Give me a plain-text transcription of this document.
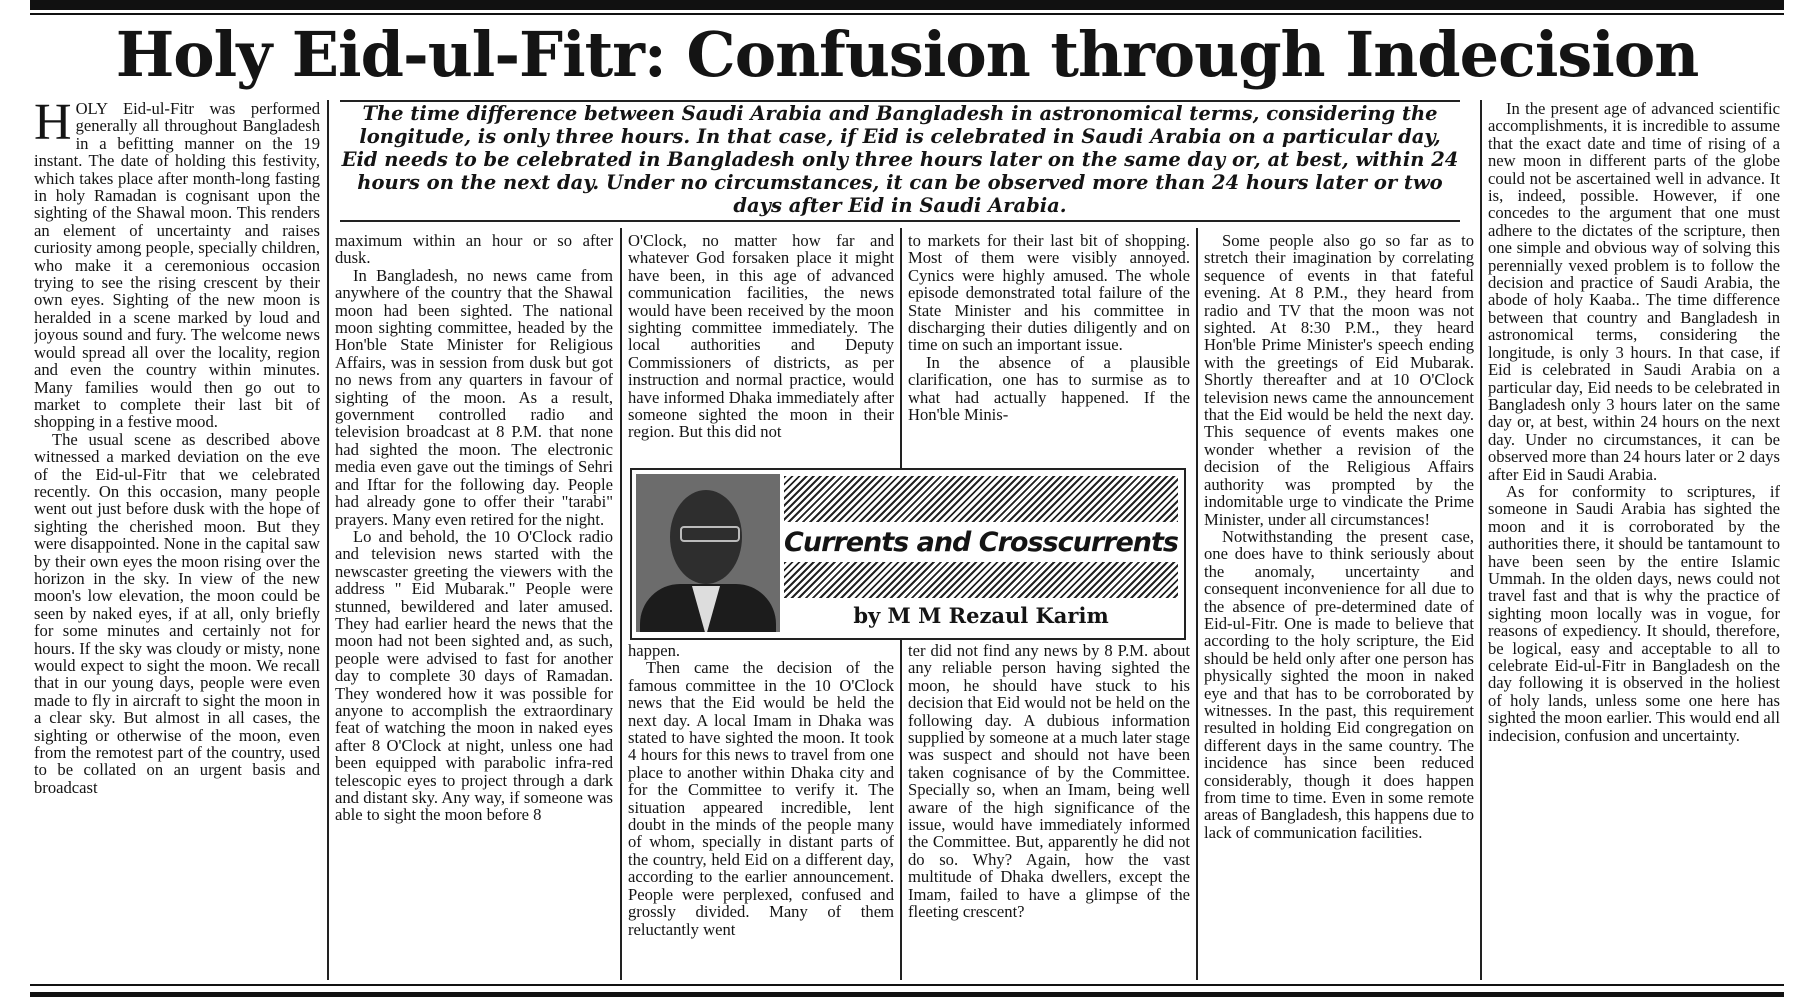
Holy Eid-ul-Fitr: Confusion through Indecision

The time difference between Saudi Arabia and Bangladesh in astronomical terms, considering the longitude, is only three hours. In that case, if Eid is celebrated in Saudi Arabia on a particular day, Eid needs to be celebrated in Bangladesh only three hours later on the same day or, at best, within 24 hours on the next day. Under no circumstances, it can be observed more than 24 hours later or two days after Eid in Saudi Arabia.

HOLY Eid-ul-Fitr was performed generally all throughout Bangladesh in a befitting manner on the 19 instant. The date of holding this festivity, which takes place after month-long fasting in holy Ramadan is cognisant upon the sighting of the Shawal moon. This renders an element of uncertainty and raises curiosity among people, specially children, who make it a ceremonious occasion trying to see the rising crescent by their own eyes. Sighting of the new moon is heralded in a scene marked by loud and joyous sound and fury. The welcome news would spread all over the locality, region and even the country within minutes. Many families would then go out to market to complete their last bit of shopping in a festive mood.

The usual scene as described above witnessed a marked deviation on the eve of the Eid-ul-Fitr that we celebrated recently. On this occasion, many people went out just before dusk with the hope of sighting the cherished moon. But they were disappointed. None in the capital saw by their own eyes the moon rising over the horizon in the sky. In view of the new moon's low elevation, the moon could be seen by naked eyes, if at all, only briefly for some minutes and certainly not for hours. If the sky was cloudy or misty, none would expect to sight the moon. We recall that in our young days, people were even made to fly in aircraft to sight the moon in a clear sky. But almost in all cases, the sighting or otherwise of the moon, even from the remotest part of the country, used to be collated on an urgent basis and broadcast

maximum within an hour or so after dusk.

In Bangladesh, no news came from anywhere of the country that the Shawal moon had been sighted. The national moon sighting committee, headed by the Hon'ble State Minister for Religious Affairs, was in session from dusk but got no news from any quarters in favour of sighting of the moon. As a result, government controlled radio and television broadcast at 8 P.M. that none had sighted the moon. The electronic media even gave out the timings of Sehri and Iftar for the following day. People had already gone to offer their "tarabi" prayers. Many even retired for the night.

Lo and behold, the 10 O'Clock radio and television news started with the newscaster greeting the viewers with the address " Eid Mubarak." People were stunned, bewildered and later amused. They had earlier heard the news that the moon had not been sighted and, as such, people were advised to fast for another day to complete 30 days of Ramadan. They wondered how it was possible for anyone to accomplish the extraordinary feat of watching the moon in naked eyes after 8 O'Clock at night, unless one had been equipped with parabolic infra-red telescopic eyes to project through a dark and distant sky. Any way, if someone was able to sight the moon before 8

O'Clock, no matter how far and whatever God forsaken place it might have been, in this age of advanced communication facilities, the news would have been received by the moon sighting committee immediately. The local authorities and Deputy Commissioners of districts, as per instruction and normal practice, would have informed Dhaka immediately after someone sighted the moon in their region. But this did not

to markets for their last bit of shopping. Most of them were visibly annoyed. Cynics were highly amused. The whole episode demonstrated total failure of the State Minister and his committee in discharging their duties diligently and on time on such an important issue.

In the absence of a plausible clarification, one has to surmise as to what had actually happened. If the Hon'ble Minis-

Currents and Crosscurrents
by M M Rezaul Karim

happen.

Then came the decision of the famous committee in the 10 O'Clock news that the Eid would be held the next day. A local Imam in Dhaka was stated to have sighted the moon. It took 4 hours for this news to travel from one place to another within Dhaka city and for the Committee to verify it. The situation appeared incredible, lent doubt in the minds of the people many of whom, specially in distant parts of the country, held Eid on a different day, according to the earlier announcement. People were perplexed, confused and grossly divided. Many of them reluctantly went

ter did not find any news by 8 P.M. about any reliable person having sighted the moon, he should have stuck to his decision that Eid would not be held on the following day. A dubious information supplied by someone at a much later stage was suspect and should not have been taken cognisance of by the Committee. Specially so, when an Imam, being well aware of the high significance of the issue, would have immediately informed the Committee. But, apparently he did not do so. Why? Again, how the vast multitude of Dhaka dwellers, except the Imam, failed to have a glimpse of the fleeting crescent?

Some people also go so far as to stretch their imagination by correlating sequence of events in that fateful evening. At 8 P.M., they heard from radio and TV that the moon was not sighted. At 8:30 P.M., they heard Hon'ble Prime Minister's speech ending with the greetings of Eid Mubarak. Shortly thereafter and at 10 O'Clock television news came the announcement that the Eid would be held the next day. This sequence of events makes one wonder whether a revision of the decision of the Religious Affairs authority was prompted by the indomitable urge to vindicate the Prime Minister, under all circumstances!

Notwithstanding the present case, one does have to think seriously about the anomaly, uncertainty and consequent inconvenience for all due to the absence of pre-determined date of Eid-ul-Fitr. One is made to believe that according to the holy scripture, the Eid should be held only after one person has physically sighted the moon in naked eye and that has to be corroborated by witnesses. In the past, this requirement resulted in holding Eid congregation on different days in the same country. The incidence has since been reduced considerably, though it does happen from time to time. Even in some remote areas of Bangladesh, this happens due to lack of communication facilities.

In the present age of advanced scientific accomplishments, it is incredible to assume that the exact date and time of rising of a new moon in different parts of the globe could not be ascertained well in advance. It is, indeed, possible. However, if one concedes to the argument that one must adhere to the dictates of the scripture, then one simple and obvious way of solving this perennially vexed problem is to follow the decision and practice of Saudi Arabia, the abode of holy Kaaba.. The time difference between that country and Bangladesh in astronomical terms, considering the longitude, is only 3 hours. In that case, if Eid is celebrated in Saudi Arabia on a particular day, Eid needs to be celebrated in Bangladesh only 3 hours later on the same day or, at best, within 24 hours on the next day. Under no circumstances, it can be observed more than 24 hours later or 2 days after Eid in Saudi Arabia.

As for conformity to scriptures, if someone in Saudi Arabia has sighted the moon and it is corroborated by the authorities there, it should be tantamount to have been seen by the entire Islamic Ummah. In the olden days, news could not travel fast and that is why the practice of sighting moon locally was in vogue, for reasons of expediency. It should, therefore, be logical, easy and acceptable to all to celebrate Eid-ul-Fitr in Bangladesh on the day following it is observed in the holiest of holy lands, unless some one here has sighted the moon earlier. This would end all indecision, confusion and uncertainty.
